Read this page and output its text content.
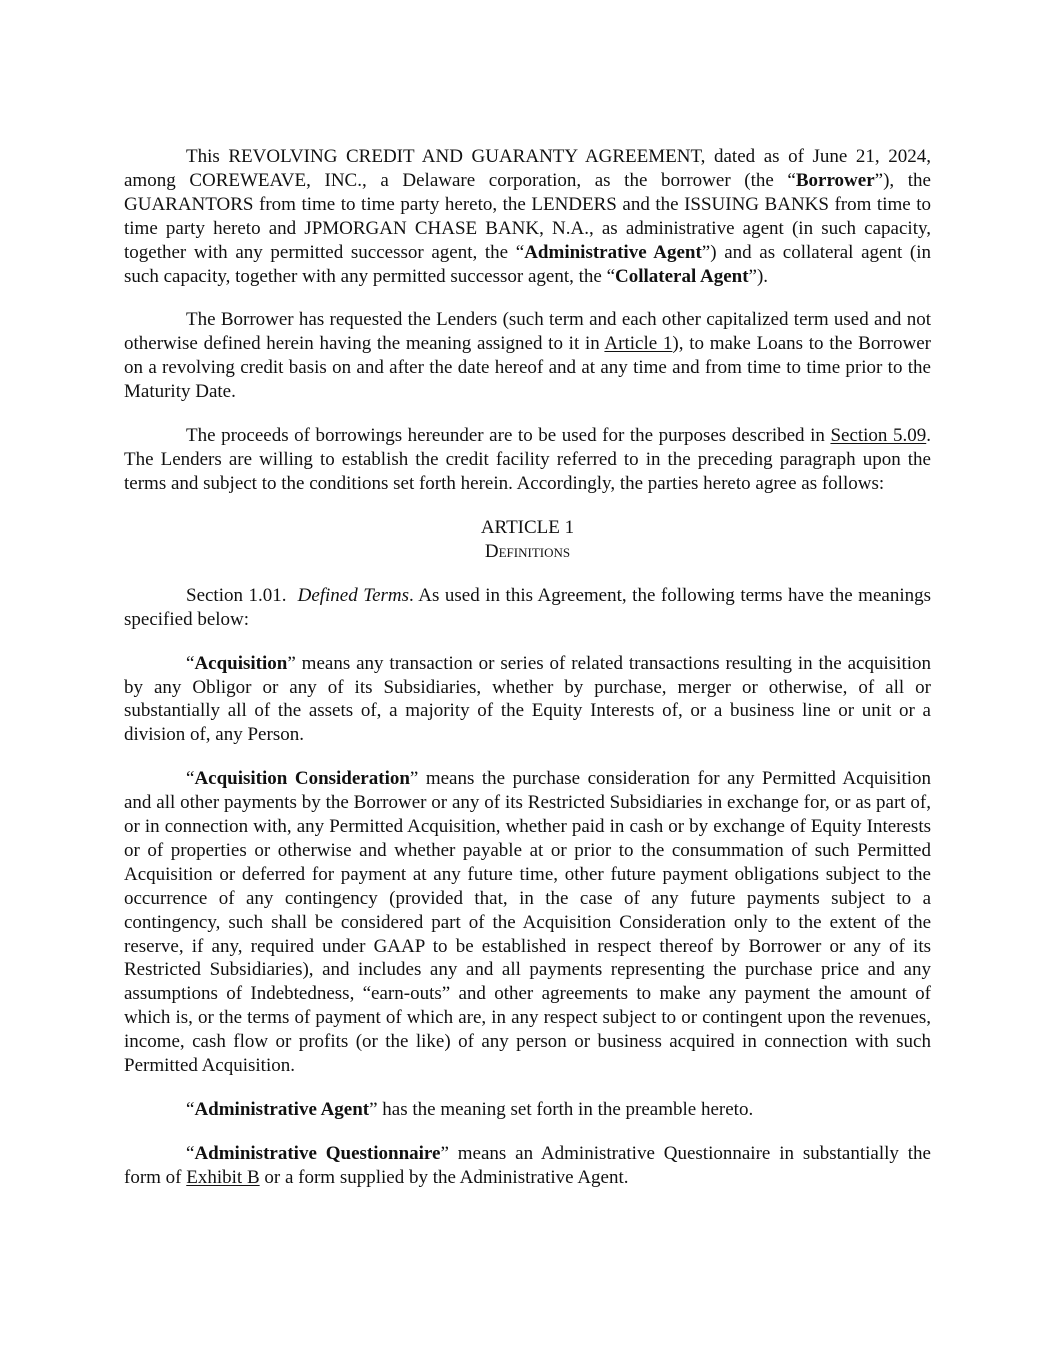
This REVOLVING CREDIT AND GUARANTY AGREEMENT, dated as of June 21, 2024, among COREWEAVE, INC., a Delaware corporation, as the borrower (the “Borrower”), the GUARANTORS from time to time party hereto, the LENDERS and the ISSUING BANKS from time to time party hereto and JPMORGAN CHASE BANK, N.A., as administrative agent (in such capacity, together with any permitted successor agent, the “Administrative Agent”) and as collateral agent (in such capacity, together with any permitted successor agent, the “Collateral Agent”).

The Borrower has requested the Lenders (such term and each other capitalized term used and not otherwise defined herein having the meaning assigned to it in Article 1), to make Loans to the Borrower on a revolving credit basis on and after the date hereof and at any time and from time to time prior to the Maturity Date.

The proceeds of borrowings hereunder are to be used for the purposes described in Section 5.09. The Lenders are willing to establish the credit facility referred to in the preceding paragraph upon the terms and subject to the conditions set forth herein. Accordingly, the parties hereto agree as follows:

ARTICLE 1
Definitions

Section 1.01. Defined Terms. As used in this Agreement, the following terms have the meanings specified below:

“Acquisition” means any transaction or series of related transactions resulting in the acquisition by any Obligor or any of its Subsidiaries, whether by purchase, merger or otherwise, of all or substantially all of the assets of, a majority of the Equity Interests of, or a business line or unit or a division of, any Person.

“Acquisition Consideration” means the purchase consideration for any Permitted Acquisition and all other payments by the Borrower or any of its Restricted Subsidiaries in exchange for, or as part of, or in connection with, any Permitted Acquisition, whether paid in cash or by exchange of Equity Interests or of properties or otherwise and whether payable at or prior to the consummation of such Permitted Acquisition or deferred for payment at any future time, other future payment obligations subject to the occurrence of any contingency (provided that, in the case of any future payments subject to a contingency, such shall be considered part of the Acquisition Consideration only to the extent of the reserve, if any, required under GAAP to be established in respect thereof by Borrower or any of its Restricted Subsidiaries), and includes any and all payments representing the purchase price and any assumptions of Indebtedness, “earn-outs” and other agreements to make any payment the amount of which is, or the terms of payment of which are, in any respect subject to or contingent upon the revenues, income, cash flow or profits (or the like) of any person or business acquired in connection with such Permitted Acquisition.

“Administrative Agent” has the meaning set forth in the preamble hereto.

“Administrative Questionnaire” means an Administrative Questionnaire in substantially the form of Exhibit B or a form supplied by the Administrative Agent.
